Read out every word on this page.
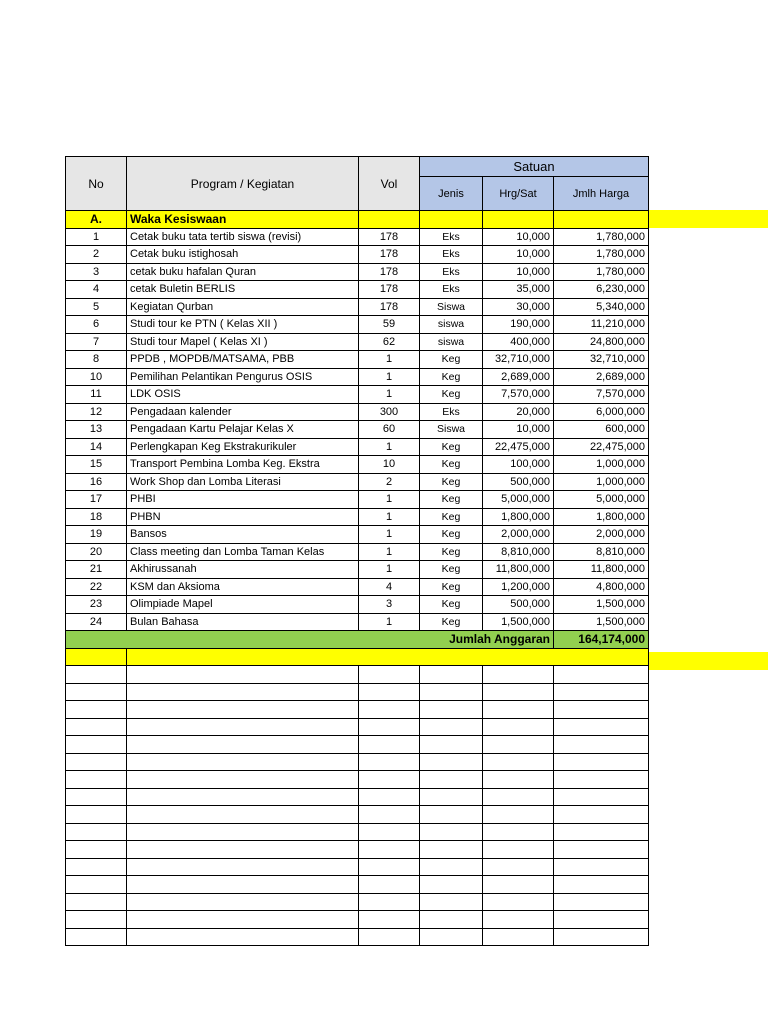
No	Program / Kegiatan	Vol	Satuan		
			Jenis	Hrg/Sat	Jmlh Harga
A.	Waka Kesiswaan				
1	Cetak buku tata tertib siswa (revisi)	178	Eks	10,000	1,780,000
2	Cetak buku istighosah	178	Eks	10,000	1,780,000
3	cetak buku hafalan Quran	178	Eks	10,000	1,780,000
4	cetak Buletin BERLIS	178	Eks	35,000	6,230,000
5	Kegiatan Qurban	178	Siswa	30,000	5,340,000
6	Studi tour ke PTN ( Kelas XII )	59	siswa	190,000	11,210,000
7	Studi tour Mapel ( Kelas XI )	62	siswa	400,000	24,800,000
8	PPDB , MOPDB/MATSAMA, PBB	1	Keg	32,710,000	32,710,000
10	Pemilihan Pelantikan Pengurus OSIS	1	Keg	2,689,000	2,689,000
11	LDK OSIS	1	Keg	7,570,000	7,570,000
12	Pengadaan kalender	300	Eks	20,000	6,000,000
13	Pengadaan Kartu Pelajar Kelas X	60	Siswa	10,000	600,000
14	Perlengkapan Keg Ekstrakurikuler	1	Keg	22,475,000	22,475,000
15	Transport Pembina Lomba Keg. Ekstra	10	Keg	100,000	1,000,000
16	Work Shop dan Lomba Literasi	2	Keg	500,000	1,000,000
17	PHBI	1	Keg	5,000,000	5,000,000
18	PHBN	1	Keg	1,800,000	1,800,000
19	Bansos	1	Keg	2,000,000	2,000,000
20	Class meeting dan Lomba Taman Kelas	1	Keg	8,810,000	8,810,000
21	Akhirussanah	1	Keg	11,800,000	11,800,000
22	KSM dan Aksioma	4	Keg	1,200,000	4,800,000
23	Olimpiade Mapel	3	Keg	500,000	1,500,000
24	Bulan Bahasa	1	Keg	1,500,000	1,500,000
Jumlah Anggaran					164,174,000
